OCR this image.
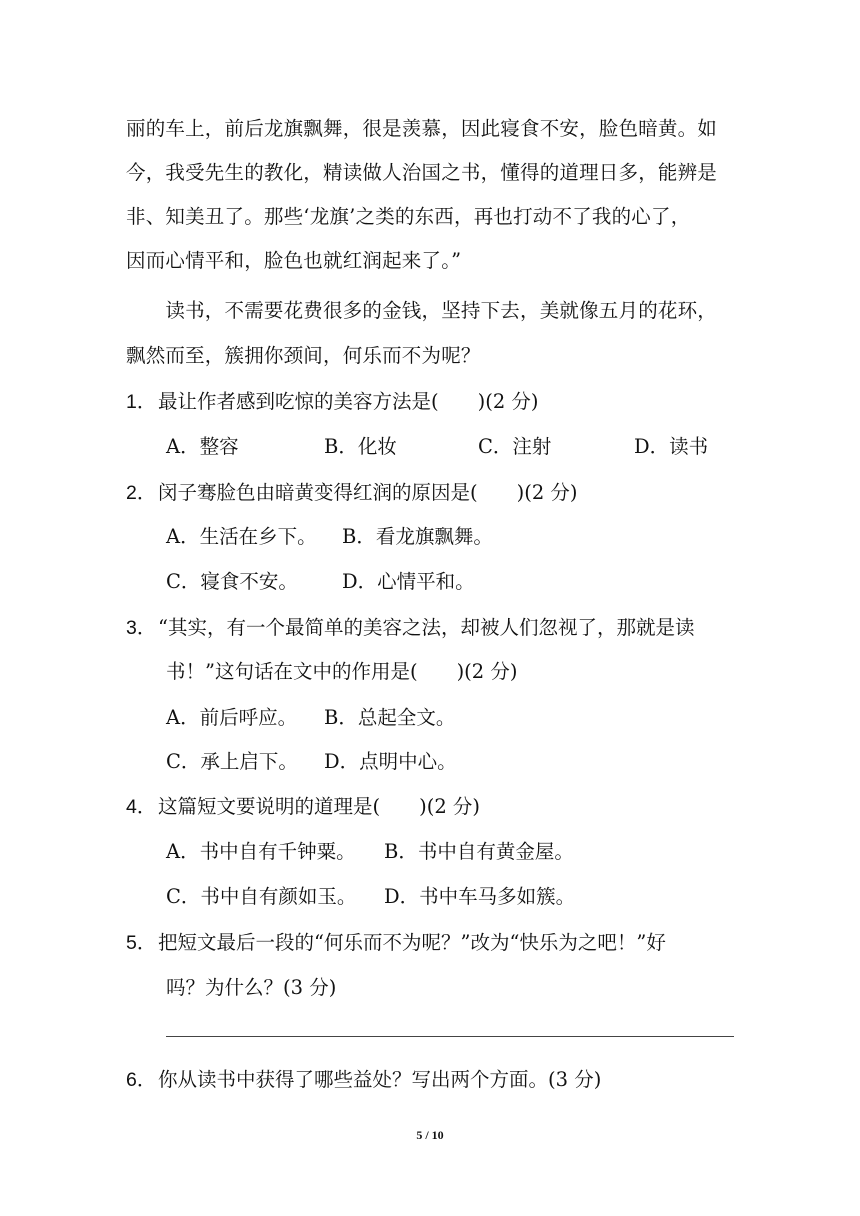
丽的车上，前后龙旗飘舞，很是羡慕，因此寝食不安，脸色暗黄。如
今，我受先生的教化，精读做人治国之书，懂得的道理日多，能辨是
非、知美丑了。那些‘龙旗’之类的东西，再也打动不了我的心了，
因而心情平和，脸色也就红润起来了。”
　　读书，不需要花费很多的金钱，坚持下去，美就像五月的花环，
飘然而至，簇拥你颈间，何乐而不为呢？
1． 最让作者感到吃惊的美容方法是(　　)(2 分)
A．整容	B．化妆	C．注射	D．读书
2． 闵子骞脸色由暗黄变得红润的原因是(　　)(2 分)
A．生活在乡下。 B．看龙旗飘舞。
C．寝食不安。 D．心情平和。
3． “其实，有一个最简单的美容之法，却被人们忽视了，那就是读
书！”这句话在文中的作用是(　　)(2 分)
A．前后呼应。 B．总起全文。
C．承上启下。 D．点明中心。
4． 这篇短文要说明的道理是(　　)(2 分)
A．书中自有千钟粟。 B．书中自有黄金屋。
C．书中自有颜如玉。 D．书中车马多如簇。
5． 把短文最后一段的“何乐而不为呢？”改为“快乐为之吧！”好
吗？为什么？(3 分)
6． 你从读书中获得了哪些益处？写出两个方面。(3 分)
5 / 10
